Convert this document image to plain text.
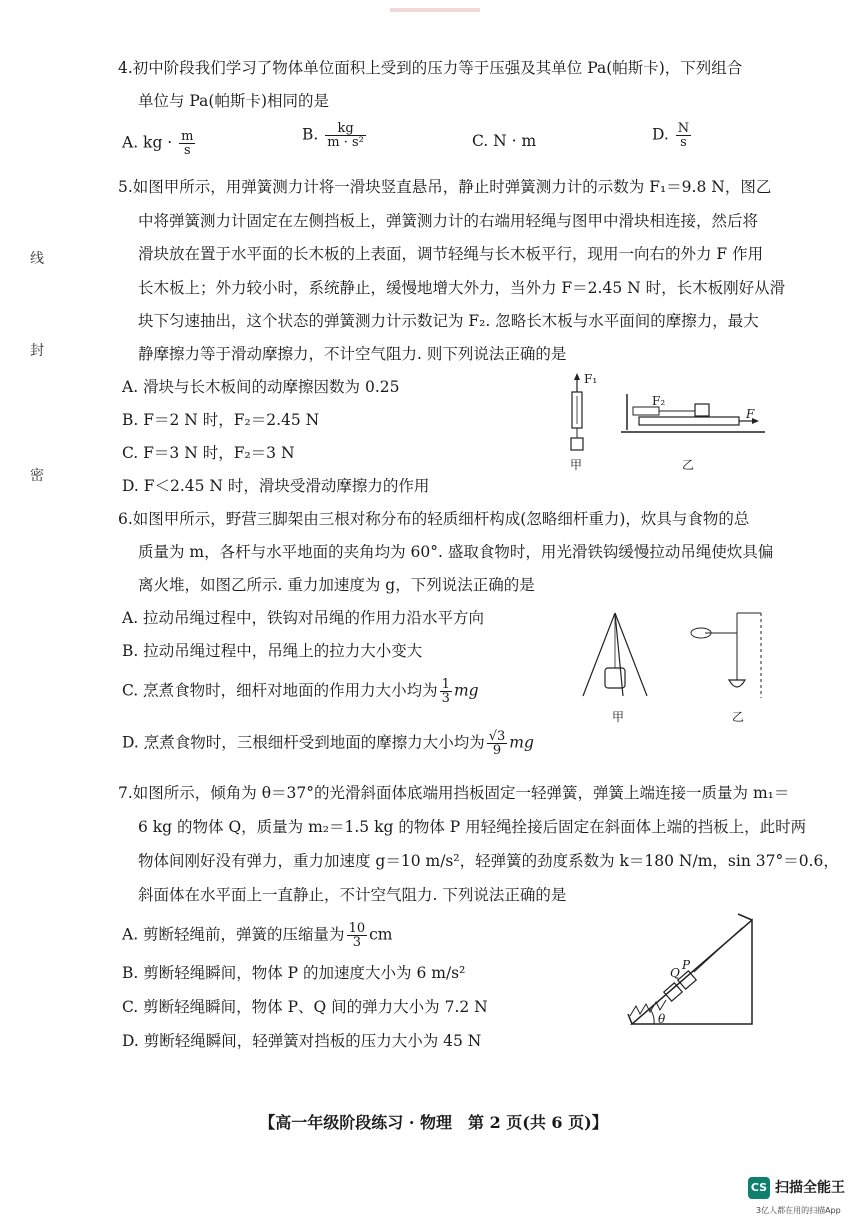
线
封
密
4.初中阶段我们学习了物体单位面积上受到的压力等于压强及其单位 Pa(帕斯卡)，下列组合
单位与 Pa(帕斯卡)相同的是
A. kg · $\frac{m}{s}$	B. $\frac{kg}{\text{m · s²}}$	C. N · m	D. $\frac{N}{s}$
5.如图甲所示，用弹簧测力计将一滑块竖直悬吊，静止时弹簧测力计的示数为 F₁＝9.8 N，图乙
中将弹簧测力计固定在左侧挡板上，弹簧测力计的右端用轻绳与图甲中滑块相连接，然后将
滑块放在置于水平面的长木板的上表面，调节轻绳与长木板平行，现用一向右的外力 F 作用
长木板上；外力较小时，系统静止，缓慢地增大外力，当外力 F＝2.45 N 时，长木板刚好从滑
块下匀速抽出，这个状态的弹簧测力计示数记为 F₂. 忽略长木板与水平面间的摩擦力，最大
静摩擦力等于滑动摩擦力，不计空气阻力. 则下列说法正确的是
A. 滑块与长木板间的动摩擦因数为 0.25
B. F＝2 N 时，F₂＝2.45 N
C. F＝3 N 时，F₂＝3 N
D. F＜2.45 N 时，滑块受滑动摩擦力的作用
F₁
F₂
F
甲	乙
6.如图甲所示，野营三脚架由三根对称分布的轻质细杆构成(忽略细杆重力)，炊具与食物的总
质量为 m，各杆与水平地面的夹角均为 60°. 盛取食物时，用光滑铁钩缓慢拉动吊绳使炊具偏
离火堆，如图乙所示. 重力加速度为 g，下列说法正确的是
A. 拉动吊绳过程中，铁钩对吊绳的作用力沿水平方向
B. 拉动吊绳过程中，吊绳上的拉力大小变大
C. 烹煮食物时，细杆对地面的作用力大小均为 $\frac{1}{3}$ mg
D. 烹煮食物时，三根细杆受到地面的摩擦力大小均为 $\frac{√3}{9}$ mg
甲	乙
7.如图所示，倾角为 θ＝37°的光滑斜面体底端用挡板固定一轻弹簧，弹簧上端连接一质量为 m₁＝
6 kg 的物体 Q，质量为 m₂＝1.5 kg 的物体 P 用轻绳拴接后固定在斜面体上端的挡板上，此时两
物体间刚好没有弹力，重力加速度 g＝10 m/s²，轻弹簧的劲度系数为 k＝180 N/m，sin 37°＝0.6，
斜面体在水平面上一直静止，不计空气阻力. 下列说法正确的是
A. 剪断轻绳前，弹簧的压缩量为 $\frac{10}{3}$ cm
B. 剪断轻绳瞬间，物体 P 的加速度大小为 6 m/s²
C. 剪断轻绳瞬间，物体 P、Q 间的弹力大小为 7.2 N
D. 剪断轻绳瞬间，轻弹簧对挡板的压力大小为 45 N
Q
P
θ
【高一年级阶段练习 · 物理　第 2 页(共 6 页)】
CS 扫描全能王
3亿人都在用的扫描App
